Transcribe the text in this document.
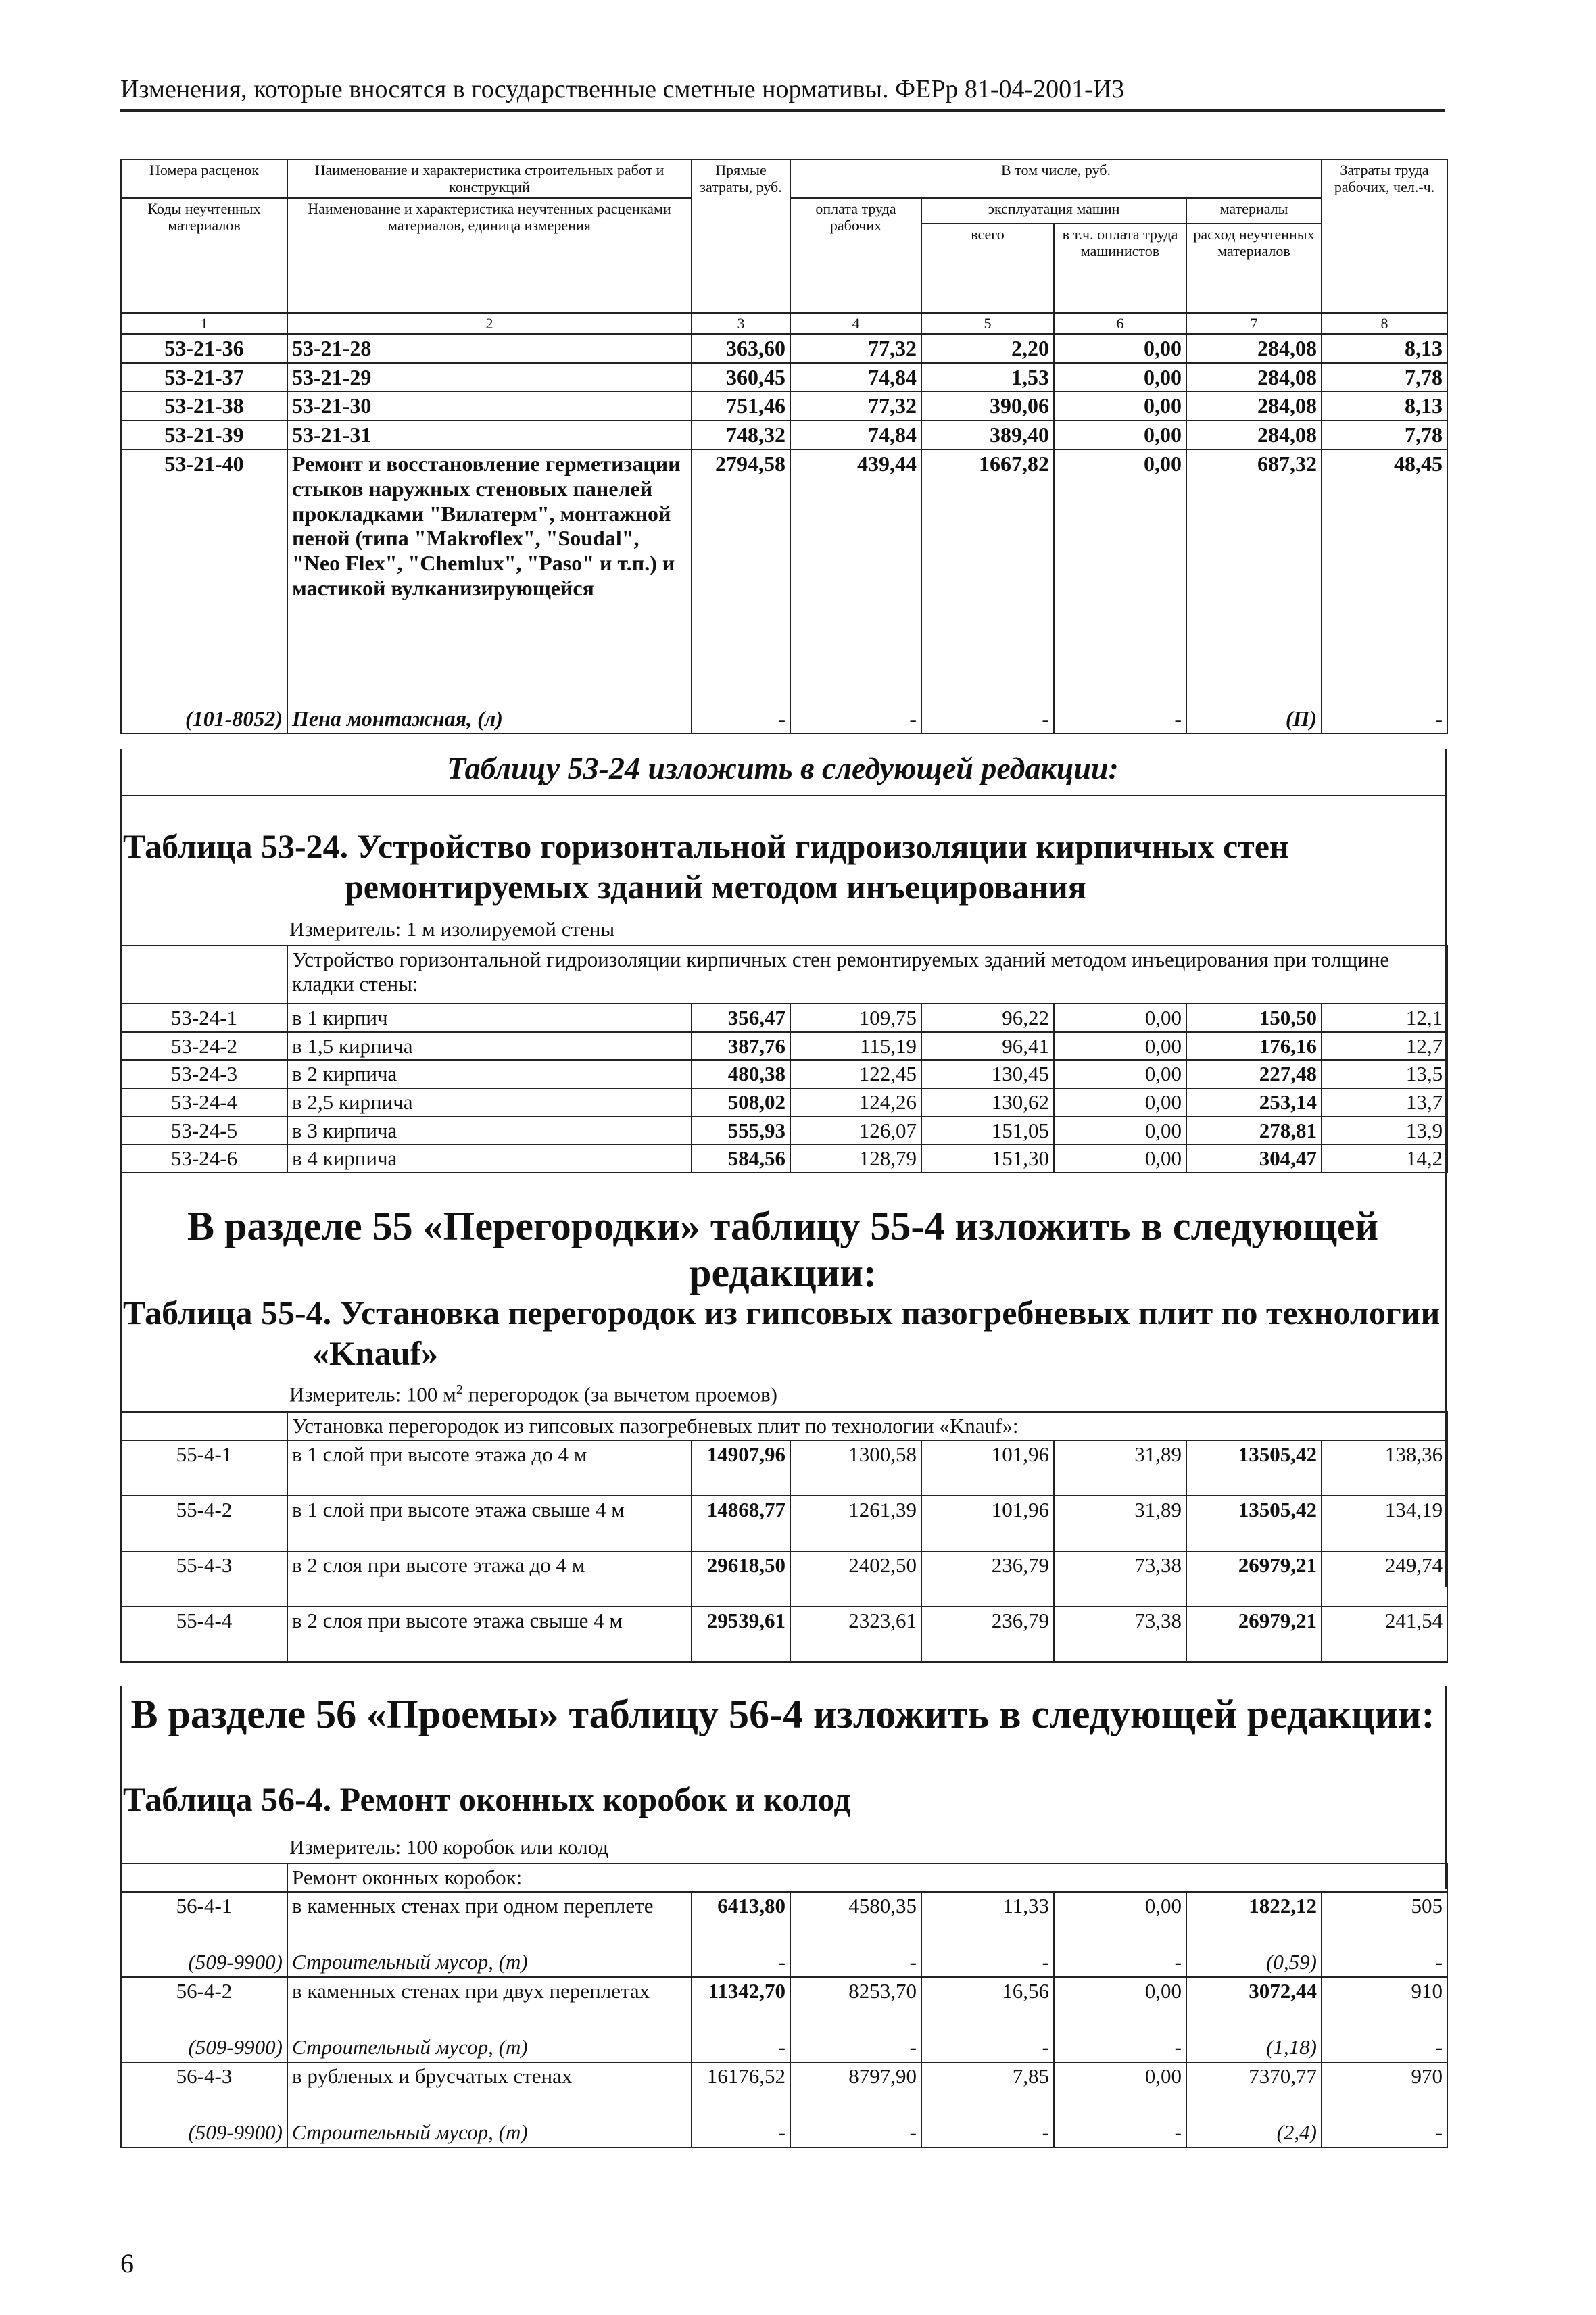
Изменения, которые вносятся в государственные сметные нормативы. ФЕРр 81-04-2001-И3
Номера расценок	Наименование и характеристика строительных работ и конструкций	Прямые затраты, руб.	В том числе, руб.				Затраты труда рабочих, чел.-ч.
Коды неучтенных материалов	Наименование и характеристика неучтенных расценками материалов, единица измерения		оплата труда рабочих	эксплуатация машин		материалы	
				всего	в т.ч. оплата труда машинистов	расход неучтенных материалов	
1	2	3	4	5	6	7	8
53-21-36	53-21-28	363,60	77,32	2,20	0,00	284,08	8,13
53-21-37	53-21-29	360,45	74,84	1,53	0,00	284,08	7,78
53-21-38	53-21-30	751,46	77,32	390,06	0,00	284,08	8,13
53-21-39	53-21-31	748,32	74,84	389,40	0,00	284,08	7,78
53-21-40	Ремонт и восстановление герметизации стыков наружных стеновых панелей прокладками "Вилатерм", монтажной пеной (типа "Makroflex", "Soudal", "Neo Flex", "Chemlux", "Paso" и т.п.) и мастикой вулканизирующейся	2794,58	439,44	1667,82	0,00	687,32	48,45
(101-8052)	Пена монтажная, (л)	-	-	-	-	(П)	-
Таблицу 53-24 изложить в следующей редакции:
Таблица 53-24. Устройство горизонтальной гидроизоляции кирпичных стен
ремонтируемых зданий методом инъецирования
Измеритель: 1 м изолируемой стены
	Устройство горизонтальной гидроизоляции кирпичных стен ремонтируемых зданий методом инъецирования при толщине кладки стены:						
53-24-1	в 1 кирпич	356,47	109,75	96,22	0,00	150,50	12,1
53-24-2	в 1,5 кирпича	387,76	115,19	96,41	0,00	176,16	12,7
53-24-3	в 2 кирпича	480,38	122,45	130,45	0,00	227,48	13,5
53-24-4	в 2,5 кирпича	508,02	124,26	130,62	0,00	253,14	13,7
53-24-5	в 3 кирпича	555,93	126,07	151,05	0,00	278,81	13,9
53-24-6	в 4 кирпича	584,56	128,79	151,30	0,00	304,47	14,2
В разделе 55 «Перегородки» таблицу 55-4 изложить в следующей редакции:
Таблица 55-4. Установка перегородок из гипсовых пазогребневых плит по технологии
«Knauf»
Измеритель: 100 $м^2$ перегородок (за вычетом проемов)
	Установка перегородок из гипсовых пазогребневых плит по технологии «Knauf»:						
55-4-1	в 1 слой при высоте этажа до 4 м	14907,96	1300,58	101,96	31,89	13505,42	138,36
55-4-2	в 1 слой при высоте этажа свыше 4 м	14868,77	1261,39	101,96	31,89	13505,42	134,19
55-4-3	в 2 слоя при высоте этажа до 4 м	29618,50	2402,50	236,79	73,38	26979,21	249,74
55-4-4	в 2 слоя при высоте этажа свыше 4 м	29539,61	2323,61	236,79	73,38	26979,21	241,54
В разделе 56 «Проемы» таблицу 56-4 изложить в следующей редакции:
Таблица 56-4. Ремонт оконных коробок и колод
Измеритель: 100 коробок или колод
	Ремонт оконных коробок:						
56-4-1	в каменных стенах при одном переплете	6413,80	4580,35	11,33	0,00	1822,12	505
(509-9900)	Строительный мусор, (т)	-	-	-	-	(0,59)	-
56-4-2	в каменных стенах при двух переплетах	11342,70	8253,70	16,56	0,00	3072,44	910
(509-9900)	Строительный мусор, (т)	-	-	-	-	(1,18)	-
56-4-3	в рубленых и брусчатых стенах	16176,52	8797,90	7,85	0,00	7370,77	970
(509-9900)	Строительный мусор, (т)	-	-	-	-	(2,4)	-
6
